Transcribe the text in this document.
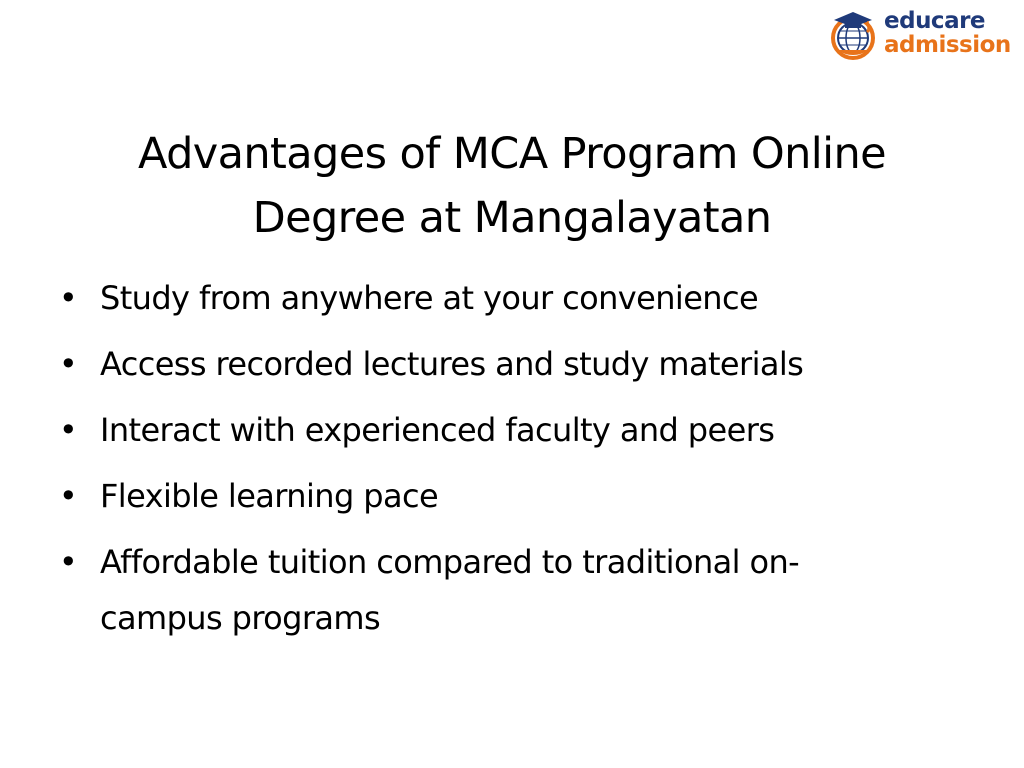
educare
admission
Advantages of MCA Program Online
Degree at Mangalayatan
• Study from anywhere at your convenience
• Access recorded lectures and study materials
• Interact with experienced faculty and peers
• Flexible learning pace
• Affordable tuition compared to traditional on-
campus programs
